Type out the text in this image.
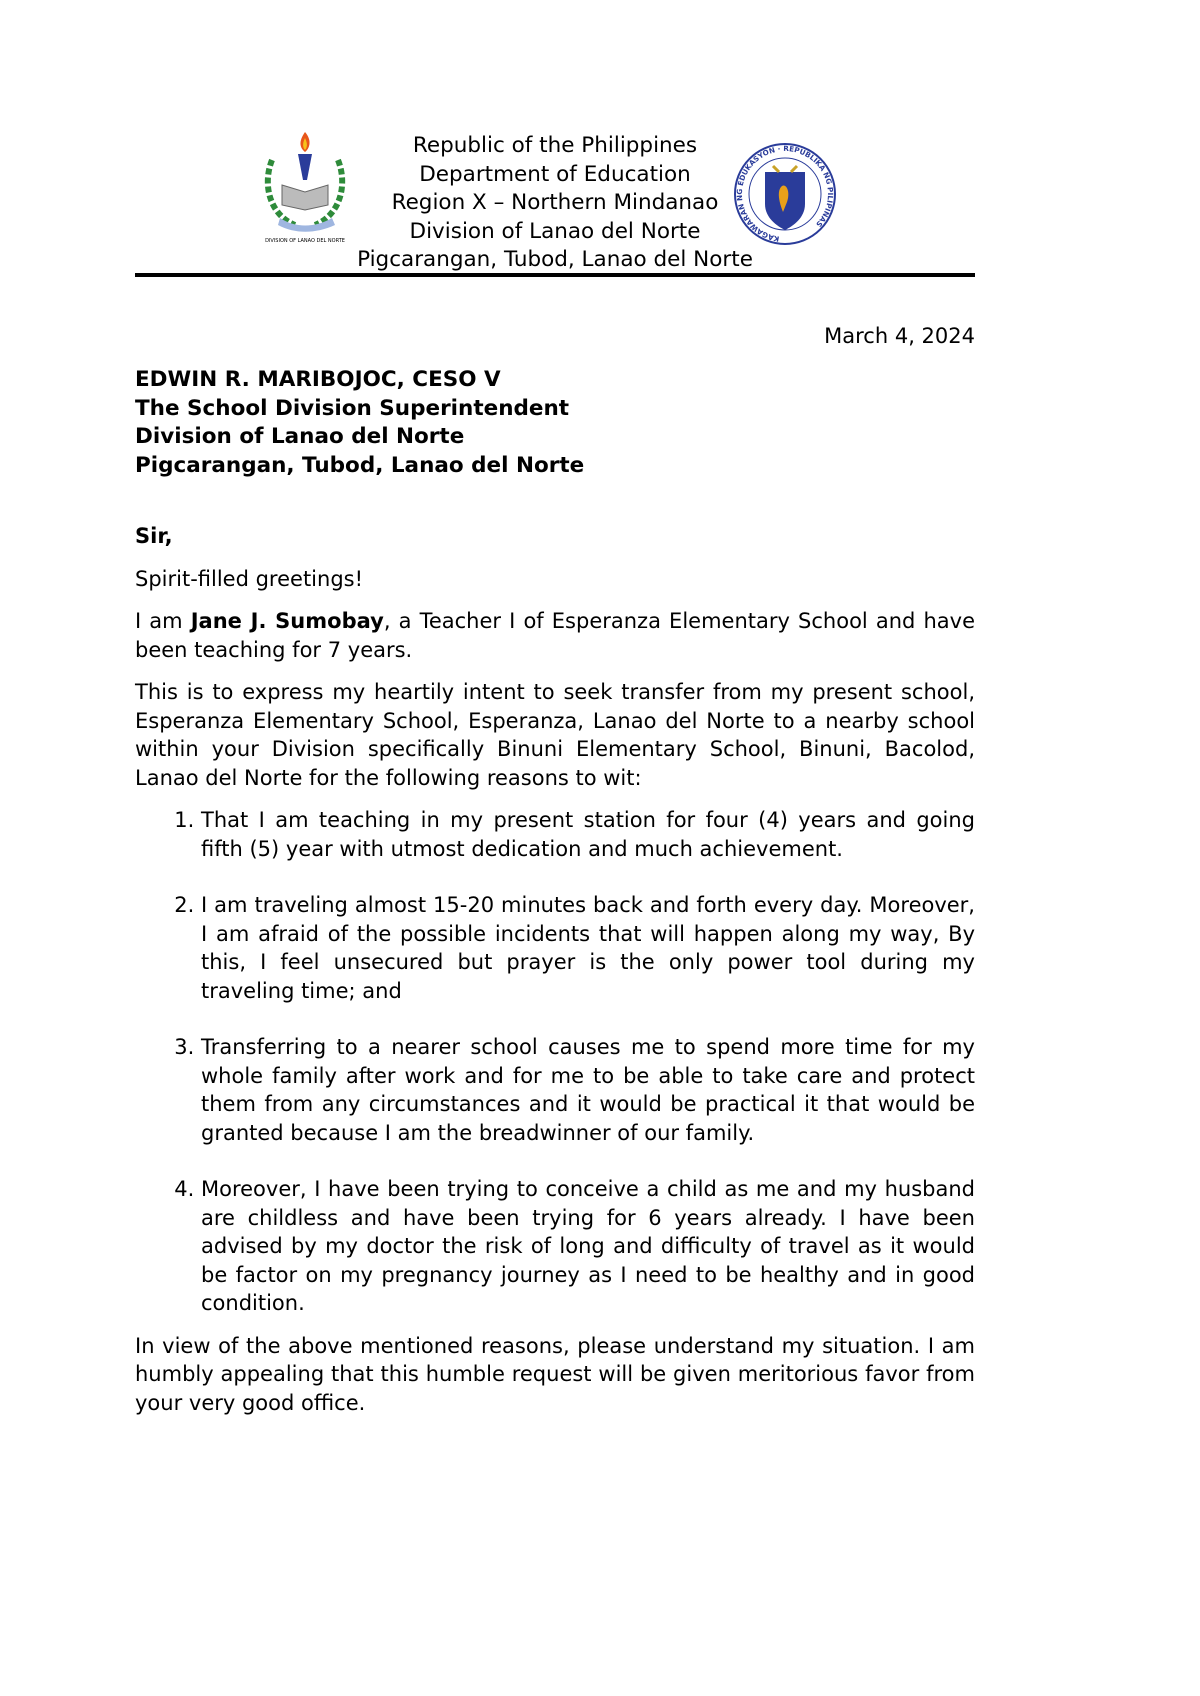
DIVISION OF LANAO DEL NORTE
Republic of the Philippines
Department of Education
Region X – Northern Mindanao
Division of Lanao del Norte
Pigcarangan, Tubod, Lanao del Norte
KAGAWARAN NG EDUKASYON · REPUBLIKA NG PILIPINAS
March 4, 2024
EDWIN R. MARIBOJOC, CESO V
The School Division Superintendent
Division of Lanao del Norte
Pigcarangan, Tubod, Lanao del Norte

Sir,

Spirit-filled greetings!

I am Jane J. Sumobay, a Teacher I of Esperanza Elementary School and have been teaching for 7 years.

This is to express my heartily intent to seek transfer from my present school, Esperanza Elementary School, Esperanza, Lanao del Norte to a nearby school within your Division specifically Binuni Elementary School, Binuni, Bacolod, Lanao del Norte for the following reasons to wit:

1. That I am teaching in my present station for four (4) years and going fifth (5) year with utmost dedication and much achievement.
2. I am traveling almost 15-20 minutes back and forth every day. Moreover, I am afraid of the possible incidents that will happen along my way, By this, I feel unsecured but prayer is the only power tool during my traveling time; and
3. Transferring to a nearer school causes me to spend more time for my whole family after work and for me to be able to take care and protect them from any circumstances and it would be practical it that would be granted because I am the breadwinner of our family.
4. Moreover, I have been trying to conceive a child as me and my husband are childless and have been trying for 6 years already. I have been advised by my doctor the risk of long and difficulty of travel as it would be factor on my pregnancy journey as I need to be healthy and in good condition.

In view of the above mentioned reasons, please understand my situation. I am humbly appealing that this humble request will be given meritorious favor from your very good office.
